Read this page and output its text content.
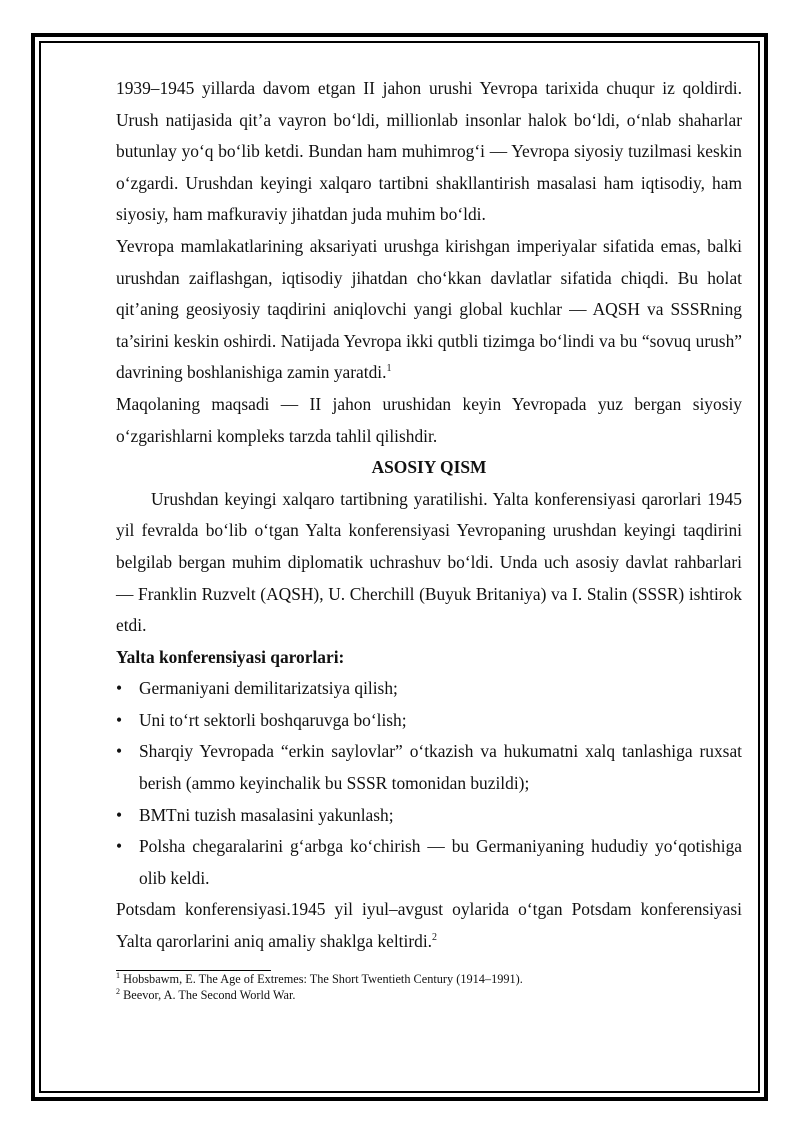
1939–1945 yillarda davom etgan II jahon urushi Yevropa tarixida chuqur iz qoldirdi. Urush natijasida qit’a vayron bo‘ldi, millionlab insonlar halok bo‘ldi, o‘nlab shaharlar butunlay yo‘q bo‘lib ketdi. Bundan ham muhimrog‘i — Yevropa siyosiy tuzilmasi keskin o‘zgardi. Urushdan keyingi xalqaro tartibni shakllantirish masalasi ham iqtisodiy, ham siyosiy, ham mafkuraviy jihatdan juda muhim bo‘ldi.

Yevropa mamlakatlarining aksariyati urushga kirishgan imperiyalar sifatida emas, balki urushdan zaiflashgan, iqtisodiy jihatdan cho‘kkan davlatlar sifatida chiqdi. Bu holat qit’aning geosiyosiy taqdirini aniqlovchi yangi global kuchlar — AQSH va SSSRning ta’sirini keskin oshirdi. Natijada Yevropa ikki qutbli tizimga bo‘lindi va bu “sovuq urush” davrining boshlanishiga zamin yaratdi.$^1$

Maqolaning maqsadi — II jahon urushidan keyin Yevropada yuz bergan siyosiy o‘zgarishlarni kompleks tarzda tahlil qilishdir.

ASOSIY QISM

Urushdan keyingi xalqaro tartibning yaratilishi. Yalta konferensiyasi qarorlari 1945 yil fevralda bo‘lib o‘tgan Yalta konferensiyasi Yevropaning urushdan keyingi taqdirini belgilab bergan muhim diplomatik uchrashuv bo‘ldi. Unda uch asosiy davlat rahbarlari — Franklin Ruzvelt (AQSH), U. Cherchill (Buyuk Britaniya) va I. Stalin (SSSR) ishtirok etdi.

Yalta konferensiyasi qarorlari:

• Germaniyani demilitarizatsiya qilish;
• Uni to‘rt sektorli boshqaruvga bo‘lish;
• Sharqiy Yevropada “erkin saylovlar” o‘tkazish va hukumatni xalq tanlashiga ruxsat berish (ammo keyinchalik bu SSSR tomonidan buzildi);
• BMTni tuzish masalasini yakunlash;
• Polsha chegaralarini g‘arbga ko‘chirish — bu Germaniyaning hududiy yo‘qotishiga olib keldi.

Potsdam konferensiyasi.1945 yil iyul–avgust oylarida o‘tgan Potsdam konferensiyasi Yalta qarorlarini aniq amaliy shaklga keltirdi.$^2$

$^1$ Hobsbawm, E. The Age of Extremes: The Short Twentieth Century (1914–1991).

$^2$ Beevor, A. The Second World War.
